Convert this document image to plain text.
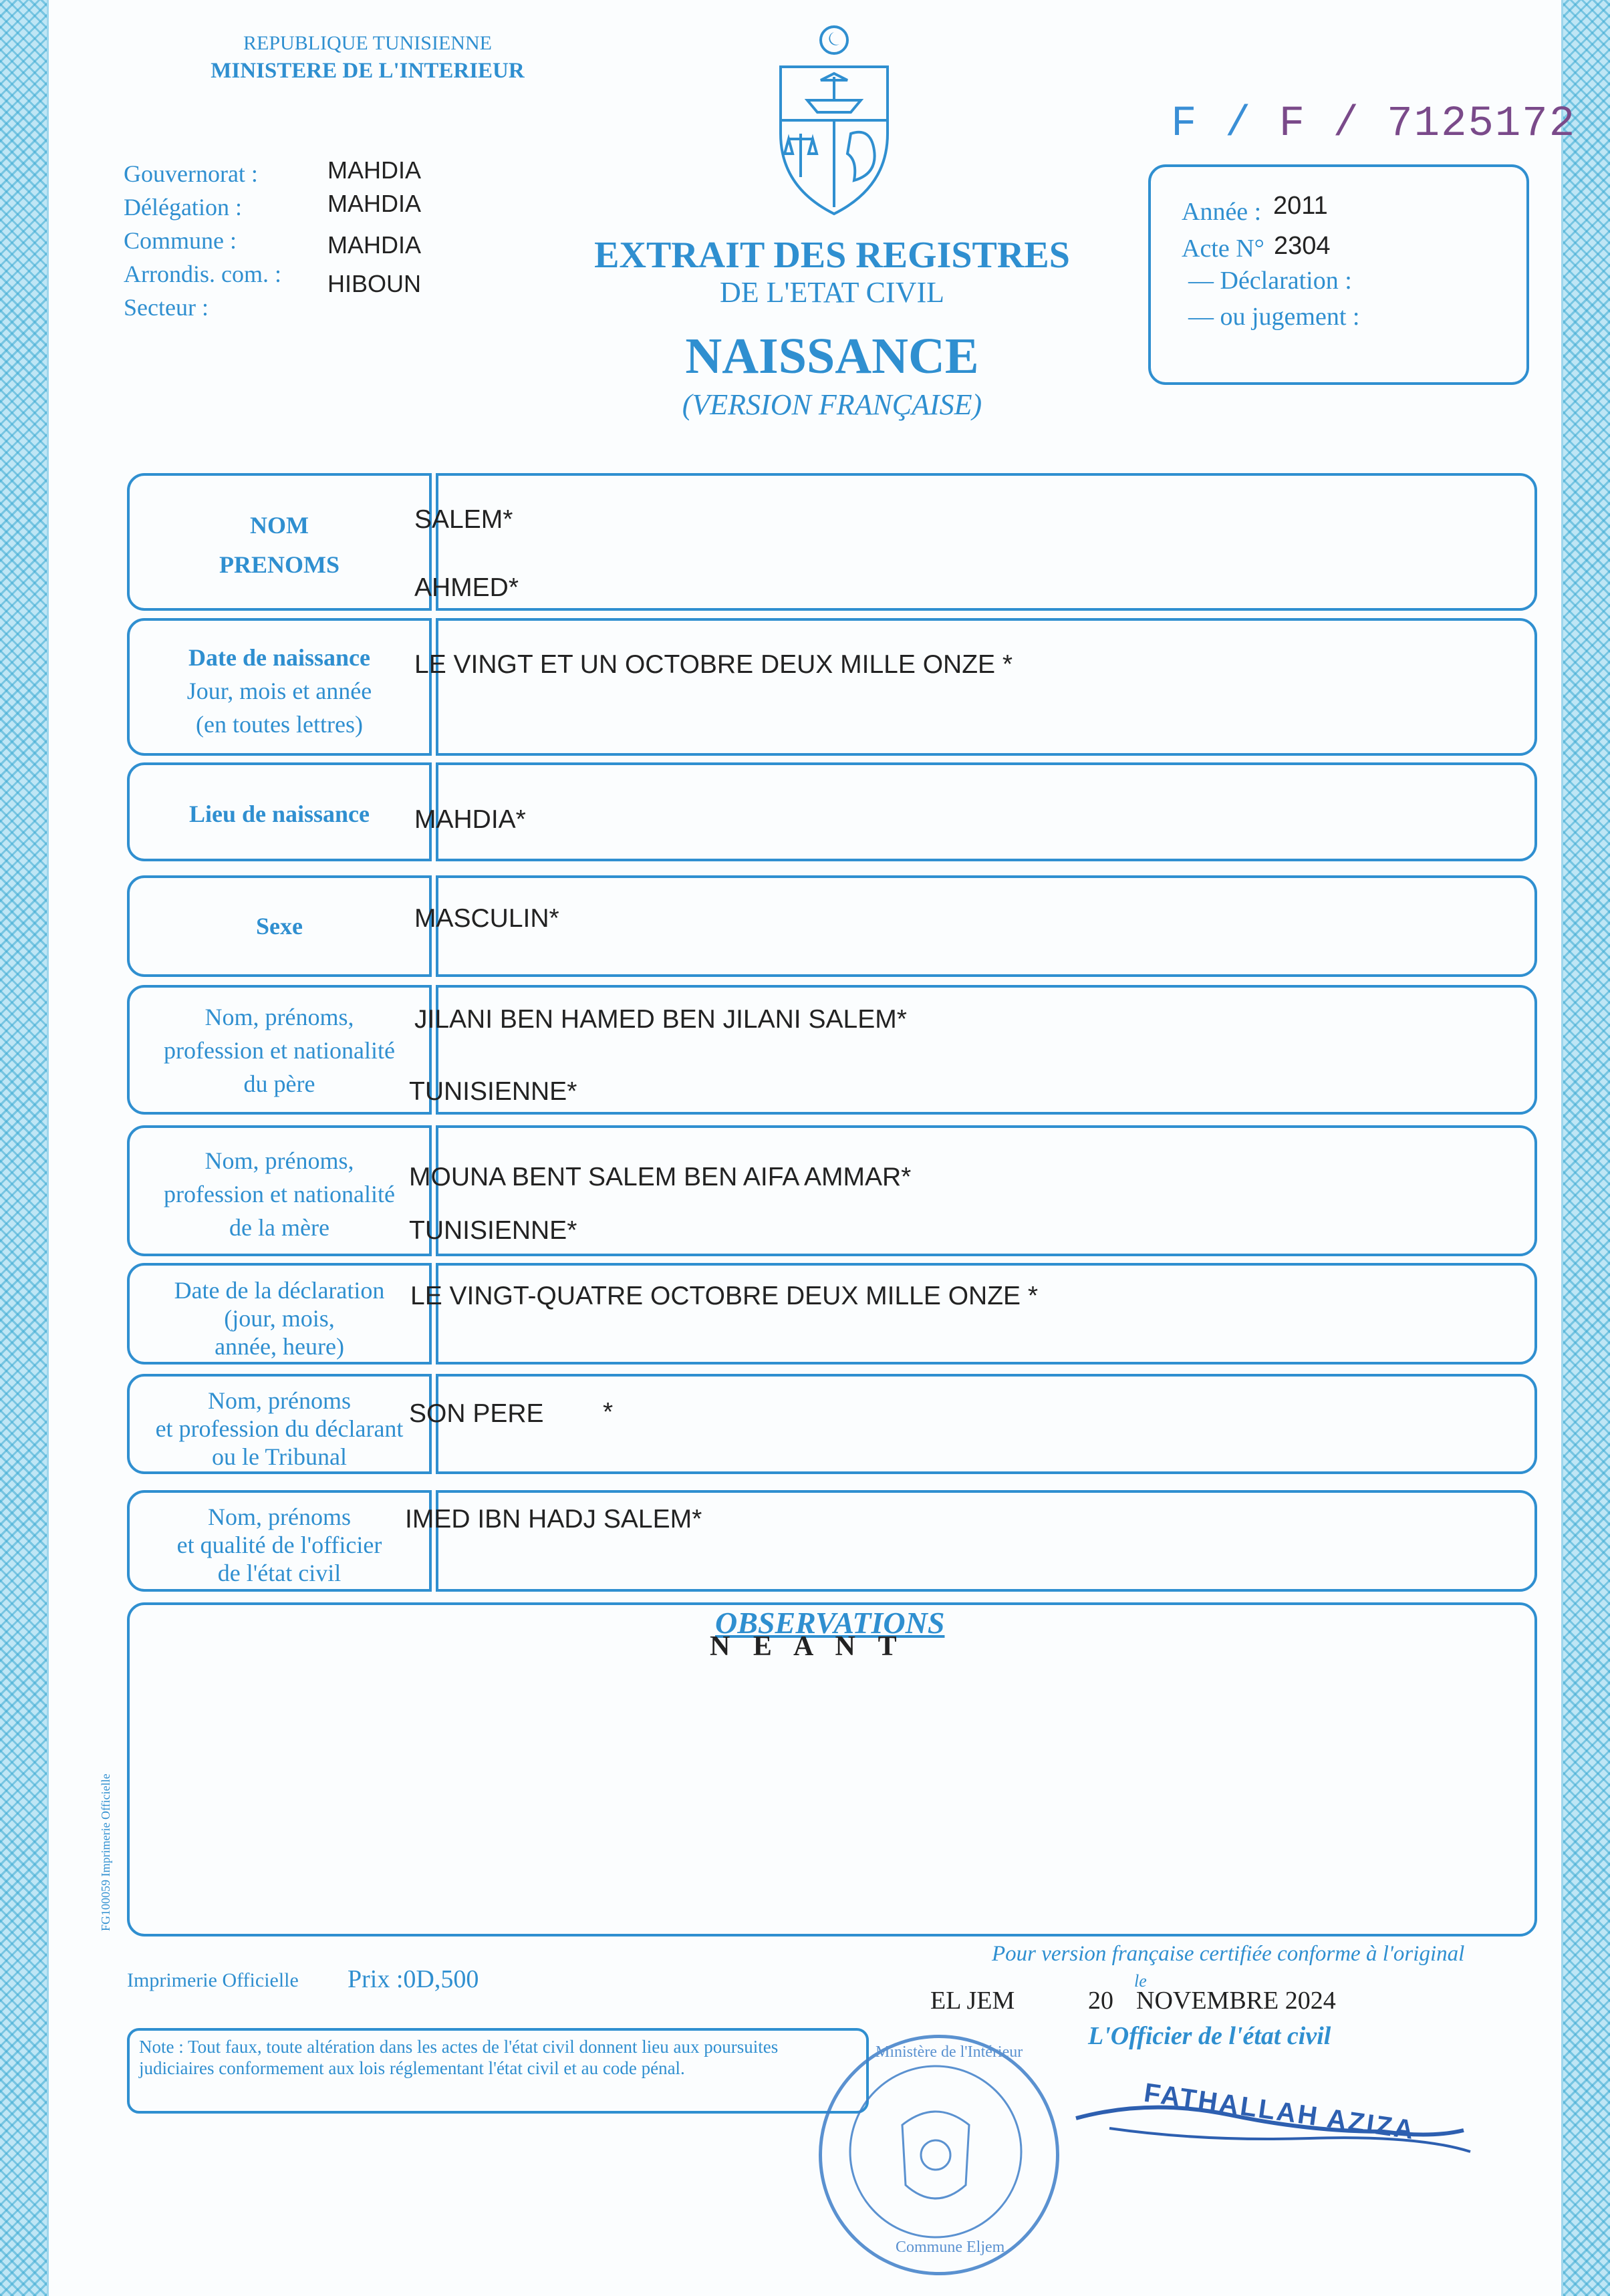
REPUBLIQUE TUNISIENNE
MINISTERE DE L'INTERIEUR
F / F / 7125172
Gouvernorat :	MAHDIA
Délégation :	MAHDIA
Commune :	MAHDIA
Arrondis. com. : HIBOUN
Secteur :
EXTRAIT DES REGISTRES
DE L'ETAT CIVIL
NAISSANCE
(VERSION FRANÇAISE)
Année : 2011
Acte N° 2304
— Déclaration :
— ou jugement :
NOM
PRENOMS
SALEM*
AHMED*
Date de naissance
Jour, mois et année
(en toutes lettres)
LE VINGT ET UN OCTOBRE DEUX MILLE ONZE *
Lieu de naissance	MAHDIA*
Sexe	MASCULIN*
Nom, prénoms,
profession et nationalité
du père
JILANI BEN HAMED BEN JILANI SALEM*
TUNISIENNE*
Nom, prénoms,
profession et nationalité
de la mère
MOUNA BENT SALEM BEN AIFA AMMAR*
TUNISIENNE*
Date de la déclaration
(jour, mois,
année, heure)
LE VINGT-QUATRE OCTOBRE DEUX MILLE ONZE *
Nom, prénoms
et profession du déclarant
ou le Tribunal
SON PERE *
Nom, prénoms
et qualité de l'officier
de l'état civil
IMED IBN HADJ SALEM*
OBSERVATIONS
N E A N T
FG100059 Imprimerie Officielle
Imprimerie Officielle Prix :0D,500
Pour version française certifiée conforme à l'original
EL JEM	20
le
NOVEMBRE 2024
L'Officier de l'état civil
Note : Tout faux, toute altération dans les actes de l'état civil donnent lieu aux poursuites judiciaires conformement aux lois réglementant l'état civil et au code pénal.
Ministère de l'Intérieur
Commune Eljem
FATHALLAH AZIZA
